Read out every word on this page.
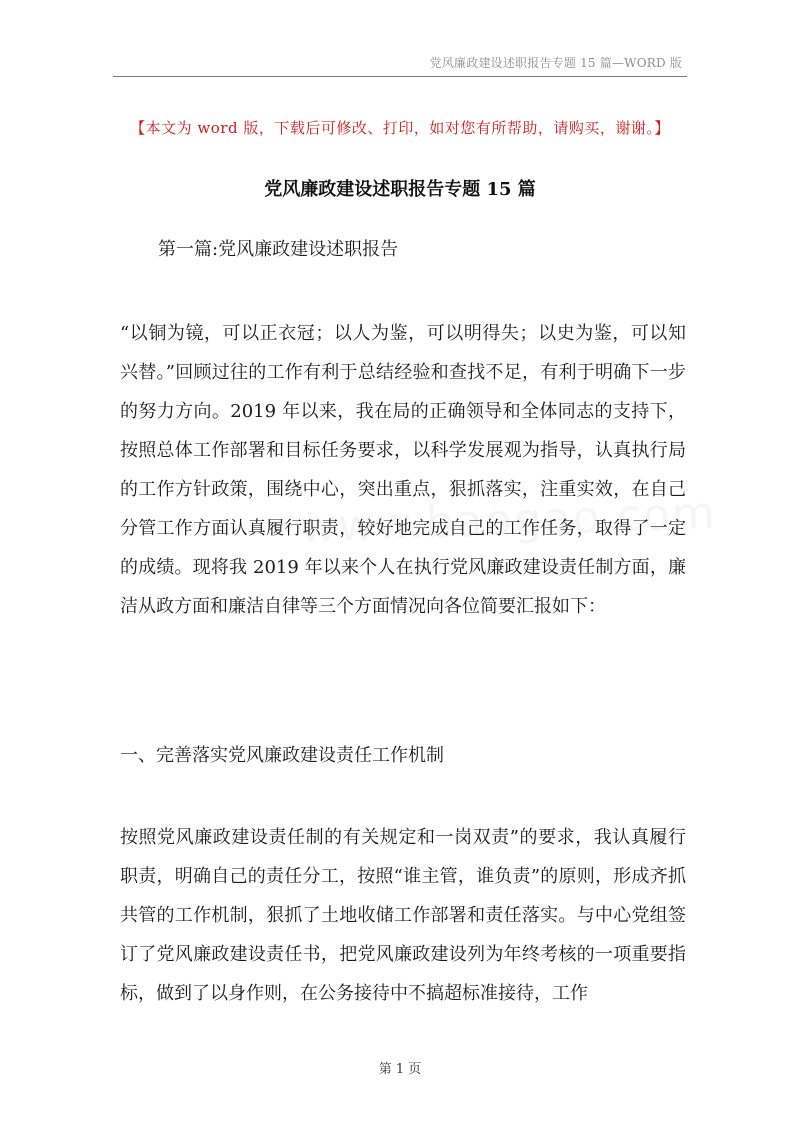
党风廉政建设述职报告专题 15 篇—WORD 版
【本文为 word 版，下载后可修改、打印，如对您有所帮助，请购买，谢谢。】
党风廉政建设述职报告专题 15 篇
第一篇:党风廉政建设述职报告
“以铜为镜，可以正衣冠；以人为鉴，可以明得失；以史为鉴，可以知兴替。”回顾过往的工作有利于总结经验和查找不足，有利于明确下一步的努力方向。2019 年以来，我在局的正确领导和全体同志的支持下，按照总体工作部署和目标任务要求，以科学发展观为指导，认真执行局的工作方针政策，围绕中心，突出重点，狠抓落实，注重实效，在自己分管工作方面认真履行职责，较好地完成自己的工作任务，取得了一定的成绩。现将我 2019 年以来个人在执行党风廉政建设责任制方面，廉洁从政方面和廉洁自律等三个方面情况向各位简要汇报如下：
一、完善落实党风廉政建设责任工作机制
按照党风廉政建设责任制的有关规定和一岗双责”的要求，我认真履行职责，明确自己的责任分工，按照“谁主管，谁负责”的原则，形成齐抓共管的工作机制，狠抓了土地收储工作部署和责任落实。与中心党组签订了党风廉政建设责任书，把党风廉政建设列为年终考核的一项重要指标，做到了以身作则，在公务接待中不搞超标准接待，工作
第 1 页
